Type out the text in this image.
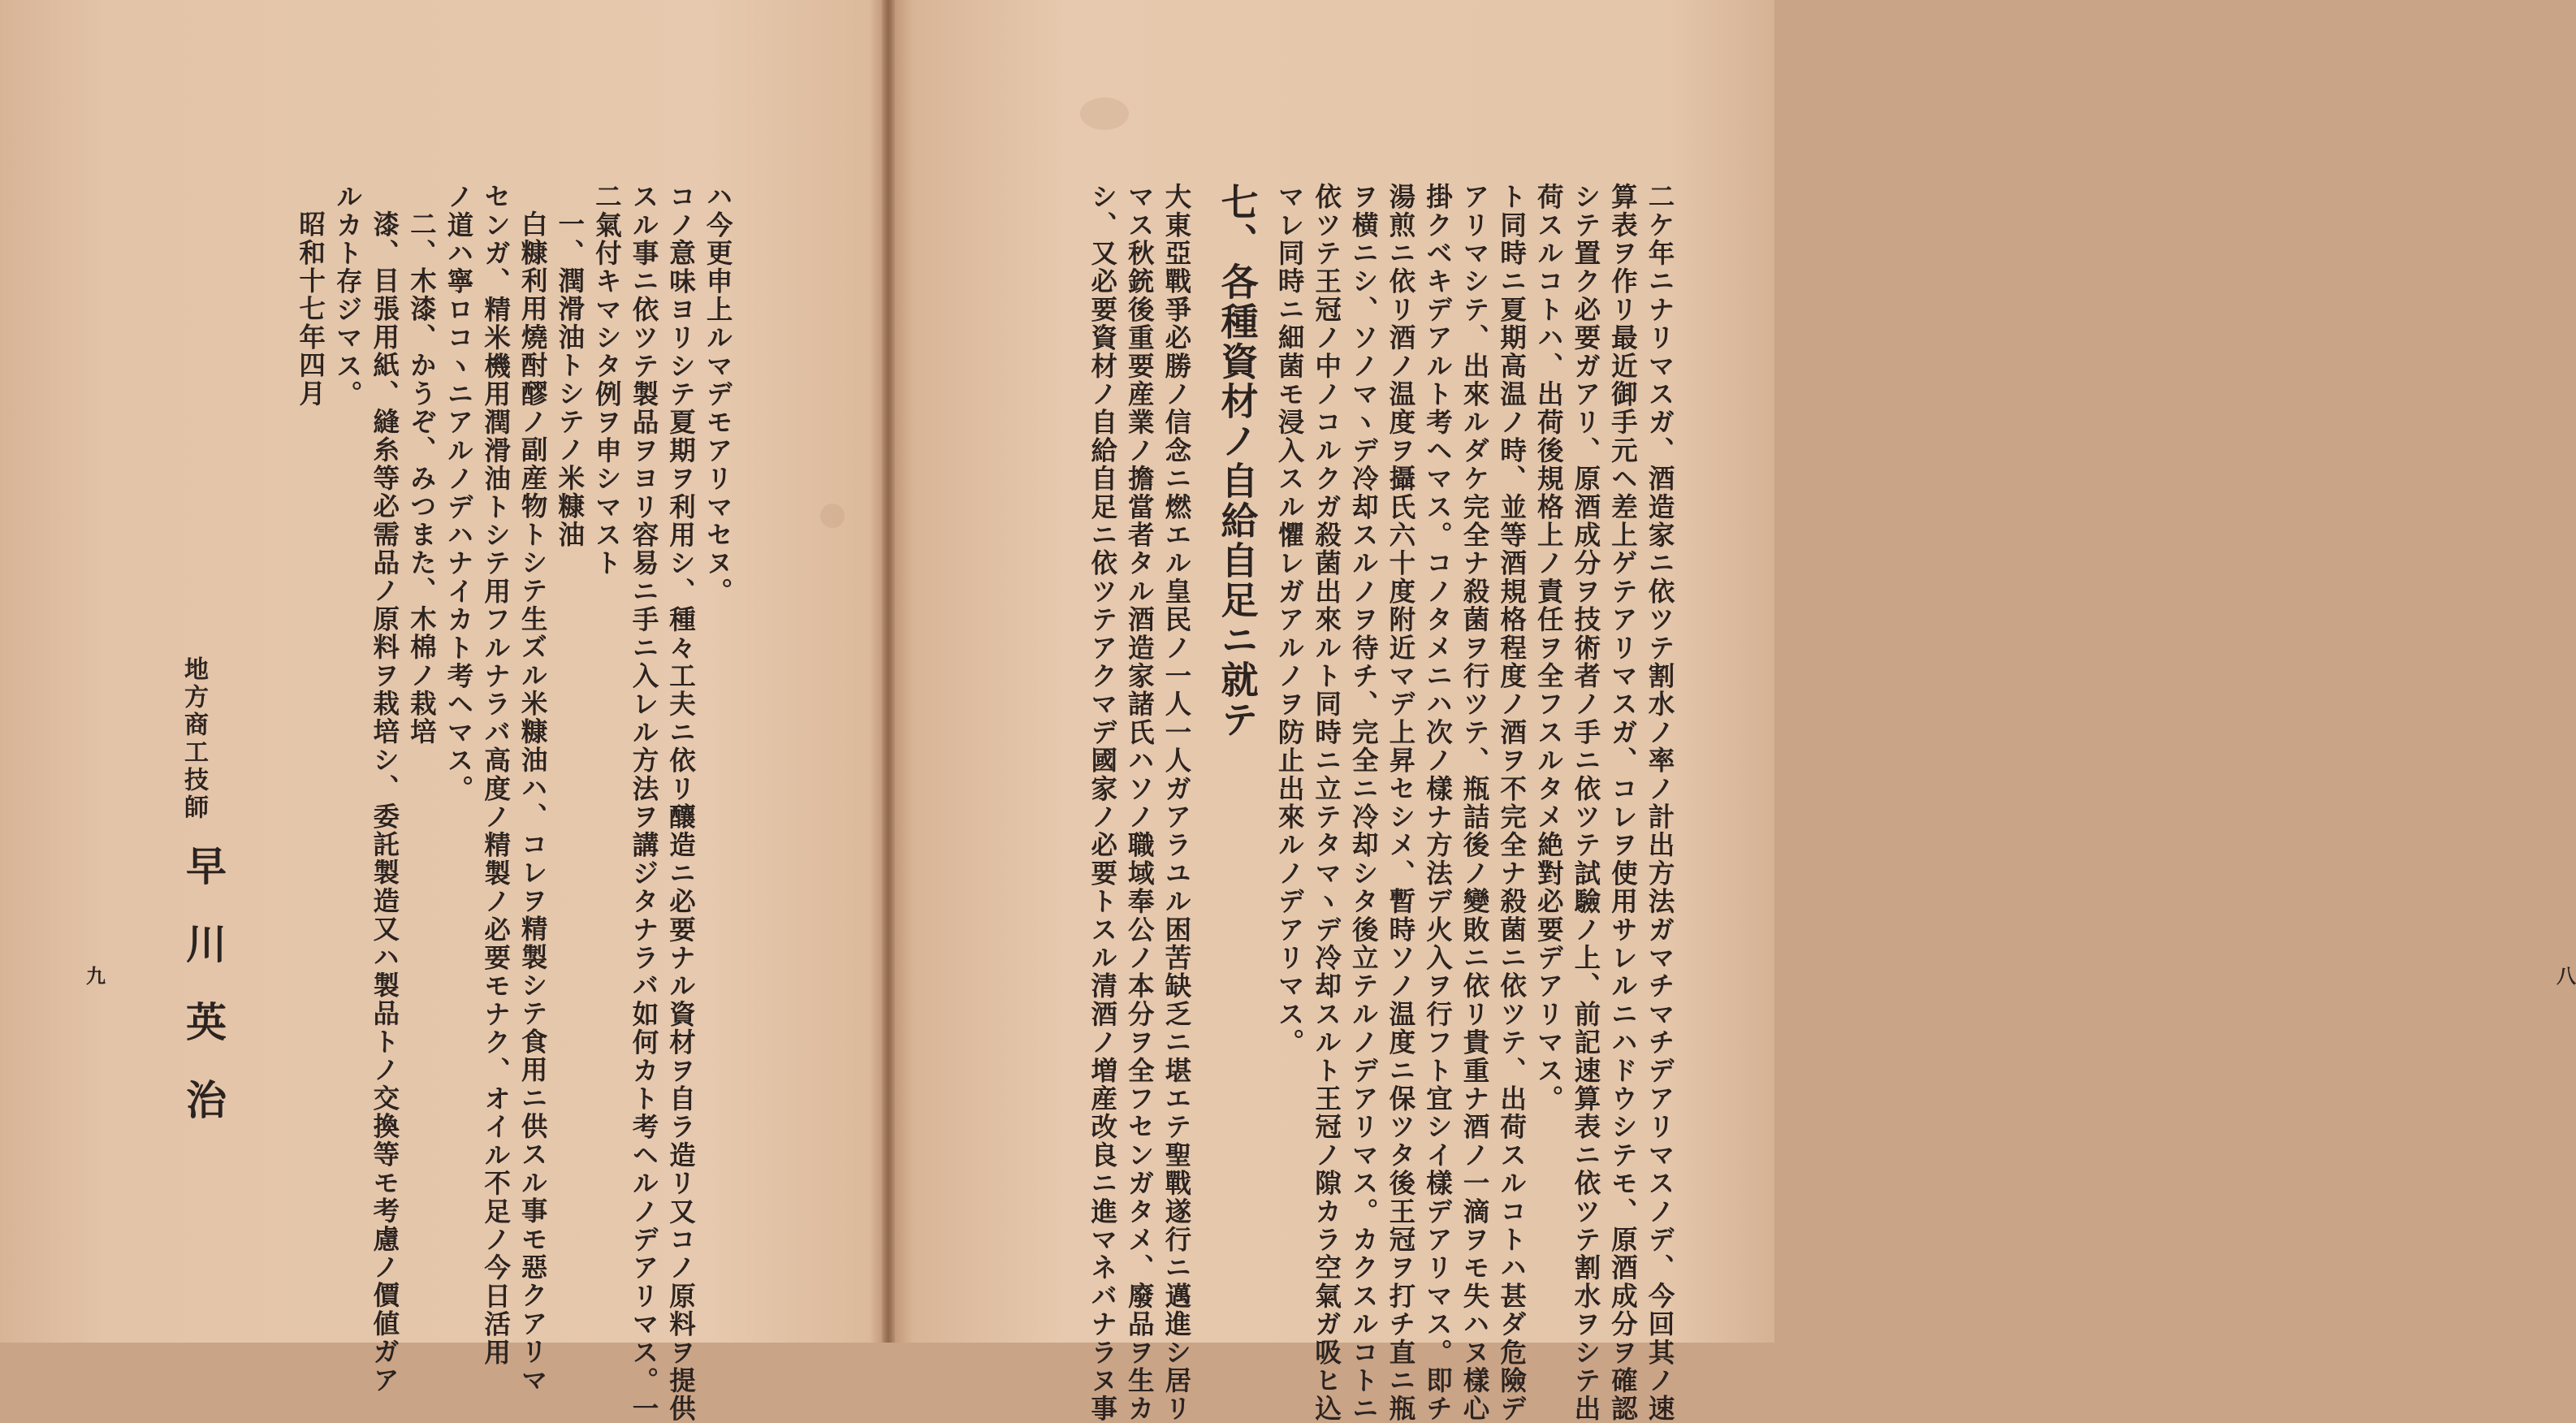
八
二ケ年ニナリマスガ、酒造家ニ依ツテ割水ノ率ノ計出方法ガマチマチデアリマスノデ、今回其ノ速
算表ヲ作リ最近御手元ヘ差上ゲテアリマスガ、コレヲ使用サレルニハドウシテモ、原酒成分ヲ確認
シテ置ク必要ガアリ、原酒成分ヲ技術者ノ手ニ依ツテ試驗ノ上、前記速算表ニ依ツテ割水ヲシテ出
荷スルコトハ、出荷後規格上ノ責任ヲ全フスルタメ絶對必要デアリマス。
ト同時ニ夏期高温ノ時、並等酒規格程度ノ酒ヲ不完全ナ殺菌ニ依ツテ、出荷スルコトハ甚ダ危險デ
アリマシテ、出來ルダケ完全ナ殺菌ヲ行ツテ、瓶詰後ノ變敗ニ依リ貴重ナ酒ノ一滴ヲモ失ハヌ樣心
掛クベキデアルト考ヘマス。コノタメニハ次ノ樣ナ方法デ火入ヲ行フト宜シイ樣デアリマス。即チ
湯煎ニ依リ酒ノ温度ヲ攝氏六十度附近マデ上昇セシメ、暫時ソノ温度ニ保ツタ後王冠ヲ打チ直ニ瓶
ヲ横ニシ、ソノマヽデ冷却スルノヲ待チ、完全ニ冷却シタ後立テルノデアリマス。カクスルコトニ
依ツテ王冠ノ中ノコルクガ殺菌出來ルト同時ニ立テタマヽデ冷却スルト王冠ノ隙カラ空氣ガ吸ヒ込
マレ同時ニ細菌モ浸入スル懼レガアルノヲ防止出來ルノデアリマス。
七、各種資材ノ自給自足ニ就テ
大東亞戰爭必勝ノ信念ニ燃エル皇民ノ一人一人ガアラユル困苦缺乏ニ堪エテ聖戰遂行ニ邁進シ居リ
マス秋銃後重要産業ノ擔當者タル酒造家諸氏ハソノ職域奉公ノ本分ヲ全フセンガタメ、廢品ヲ生カ
シ、又必要資材ノ自給自足ニ依ツテアクマデ國家ノ必要トスル清酒ノ増産改良ニ進マネバナラヌ事
九
ハ今更申上ルマデモアリマセヌ。
コノ意味ヨリシテ夏期ヲ利用シ、種々工夫ニ依リ釀造ニ必要ナル資材ヲ自ラ造リ又コノ原料ヲ提供
スル事ニ依ツテ製品ヲヨリ容易ニ手ニ入レル方法ヲ講ジタナラバ如何カト考ヘルノデアリマス。一
二氣付キマシタ例ヲ申シマスト
一、潤滑油トシテノ米糠油
白糠利用燒酎醪ノ副産物トシテ生ズル米糠油ハ、コレヲ精製シテ食用ニ供スル事モ惡クアリマ
センガ、精米機用潤滑油トシテ用フルナラバ高度ノ精製ノ必要モナク、オイル不足ノ今日活用
ノ道ハ寧ロコヽニアルノデハナイカト考ヘマス。
二、木漆、かうぞ、みつまた、木棉ノ栽培
漆、目張用紙、縫糸等必需品ノ原料ヲ栽培シ、委託製造又ハ製品トノ交換等モ考慮ノ價値ガア
ルカト存ジマス。
昭和十七年四月
地方商工技師
早川英治
